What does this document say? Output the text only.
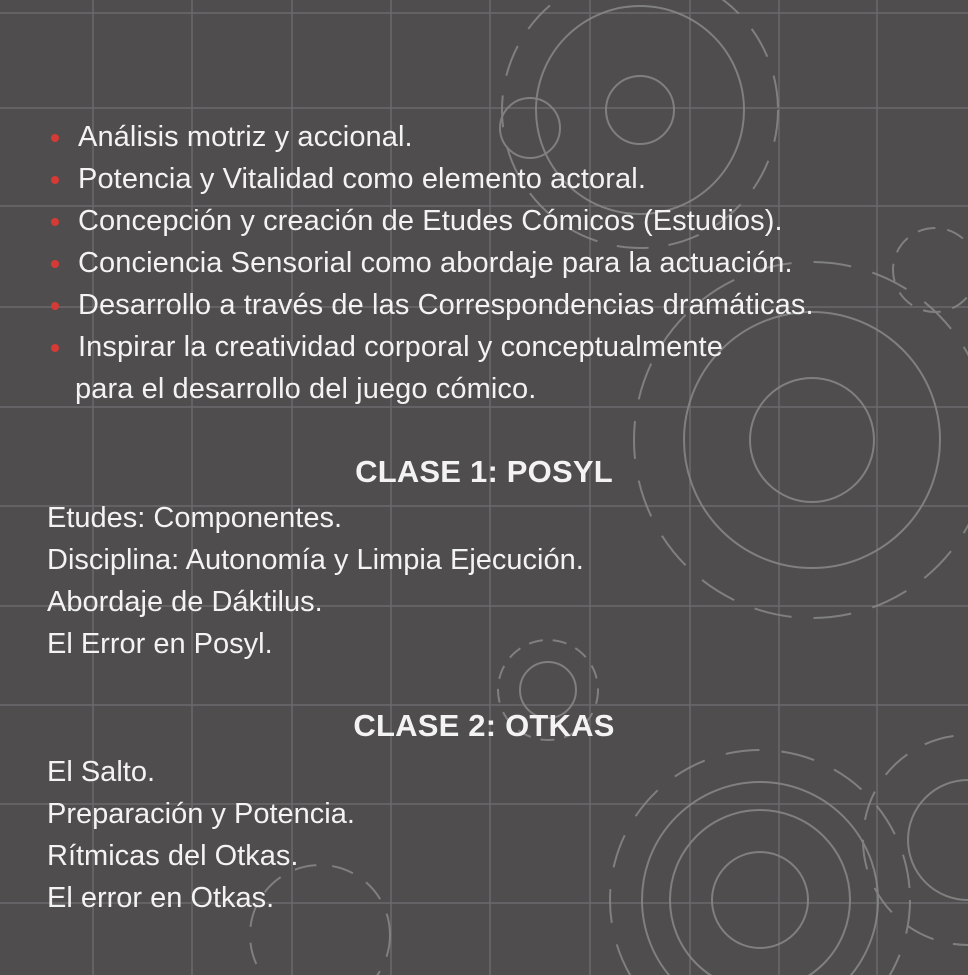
Análisis motriz y accional.
Potencia y Vitalidad como elemento actoral.
Concepción y creación de Etudes Cómicos (Estudios).
Conciencia Sensorial como abordaje para la actuación.
Desarrollo a través de las Correspondencias dramáticas.
Inspirar la creatividad corporal y conceptualmente
para el desarrollo del juego cómico.
CLASE 1: POSYL
Etudes: Componentes.
Disciplina: Autonomía y Limpia Ejecución.
Abordaje de Dáktilus.
El Error en Posyl.
CLASE 2: OTKAS
El Salto.
Preparación y Potencia.
Rítmicas del Otkas.
El error en Otkas.
